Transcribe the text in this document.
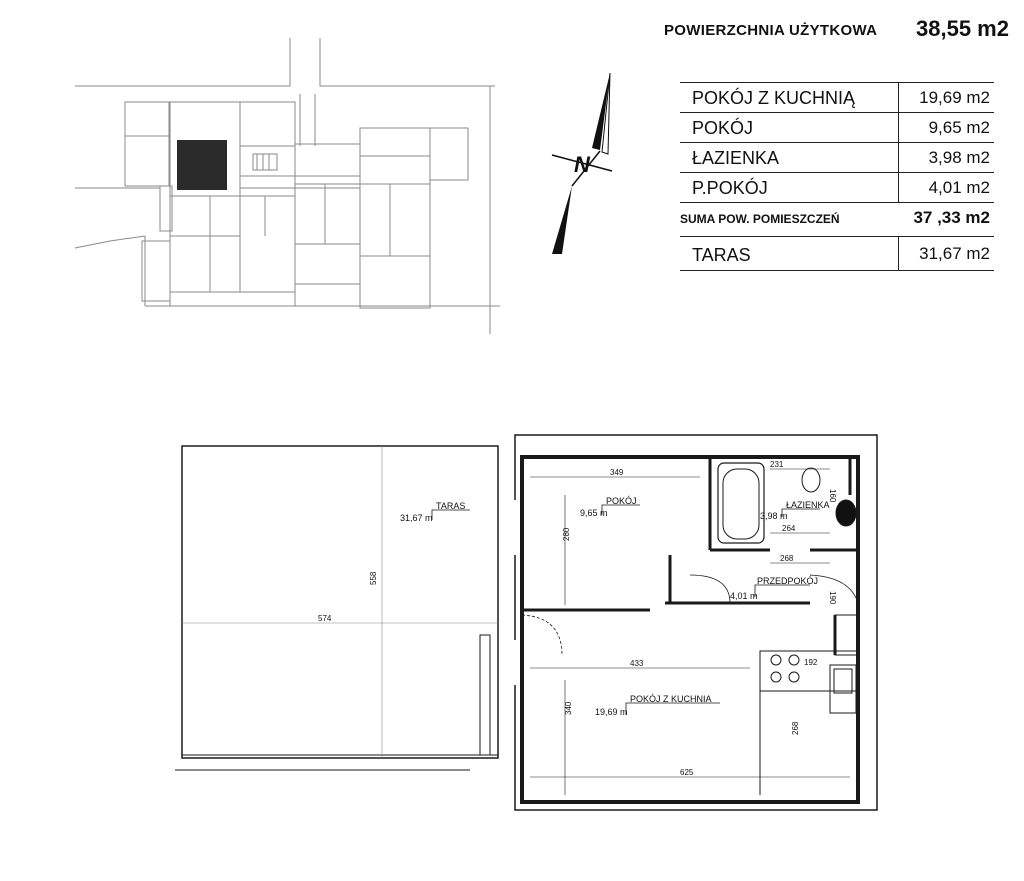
POWIERZCHNIA UŻYTKOWA 38,55 m2
POKÓJ Z KUCHNIĄ	19,69 m2
POKÓJ	9,65 m2
ŁAZIENKA	3,98 m2
P.POKÓJ	4,01 m2
SUMA POW. POMIESZCZEŃ	37 ,33 m2
TARAS	31,67 m2
N
TARAS
31,67 m
POKÓJ
9,65 m
ŁAZIENKA
3,98 m
PRZEDPOKÓJ
4,01 m
POKÓJ Z KUCHNIA
19,69 m
574
558
349
280
231
160
264
268
190
433
340
192
268
625
